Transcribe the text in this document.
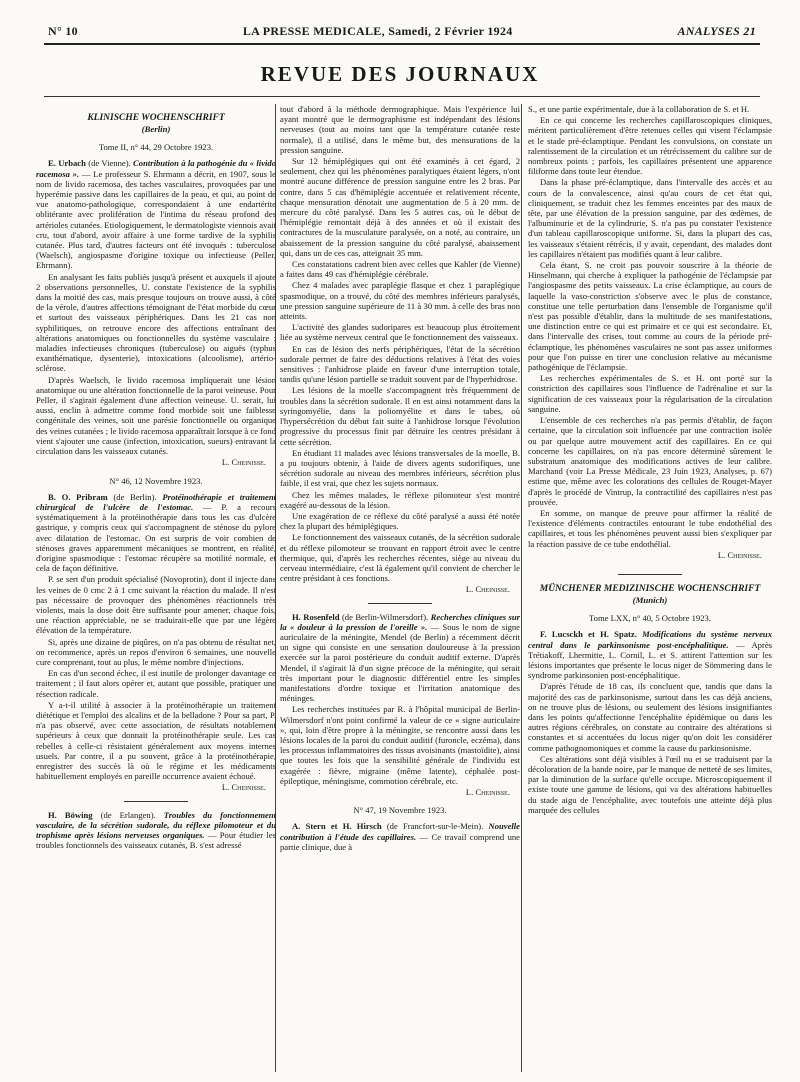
N° 10	LA PRESSE MEDICALE, Samedi, 2 Février 1924	ANALYSES 21
REVUE DES JOURNAUX
KLINISCHE WOCHENSCHRIFT
(Berlin)
Tome II, n° 44, 29 Octobre 1923.

E. Urbach (de Vienne). Contribution à la pathogénie du « livido racemosa ». — Le professeur S. Ehrmann a décrit, en 1907, sous le nom de livido racemosa, des taches vasculaires, provoquées par une hyperémie passive dans les capillaires de la peau, et qui, au point de vue anatomo-pathologique, correspondaient à une endartérite oblitérante avec prolifération de l'intima du réseau profond des artérioles cutanées. Etiologiquement, le dermatologiste viennois avait cru, tout d'abord, avoir affaire à une forme tardive de la syphilis cutanée. Plus tard, d'autres facteurs ont été invoqués : tuberculose (Waelsch), angiospasme d'origine toxique ou infectieuse (Peller, Ehrmann).

En analysant les faits publiés jusqu'à présent et auxquels il ajoute 2 observations personnelles, U. constate l'existence de la syphilis dans la moitié des cas, mais presque toujours on trouve aussi, à côté de la vérole, d'autres affections témoignant de l'état morbide du cœur et surtout des vaisseaux périphériques. Dans les 21 cas non syphilitiques, on retrouve encore des affections entraînant des altérations anatomiques ou fonctionnelles du système vasculaire : maladies infectieuses chroniques (tuberculose) ou aiguës (typhus exanthématique, dysenterie), intoxications (alcoolisme), artério-sclérose.

D'après Waelsch, le livido racemosa impliquerait une lésion anatomique ou une altération fonctionnelle de la paroi veineuse. Pour Peller, il s'agirait également d'une affection veineuse. U. serait, lui aussi, enclin à admettre comme fond morbide soit une faiblesse congénitale des veines, soit une parésie fonctionnelle ou organique des veines cutanées ; le livido racemosa apparaîtrait lorsque à ce fond vient s'ajouter une cause (infection, intoxication, sueurs) entravant la circulation dans les vaisseaux cutanés.

L. Cheinisse.
N° 46, 12 Novembre 1923.

B. O. Pribram (de Berlin). Protéinothérapie et traitement chirurgical de l'ulcère de l'estomac. — P. a recours systématiquement à la protéinothérapie dans tous les cas d'ulcère gastrique, y compris ceux qui s'accompagnent de sténose du pylore avec dilatation de l'estomac. On est surpris de voir combien de sténoses graves apparemment mécaniques se montrent, en réalité, d'origine spasmodique : l'estomac récupère sa motilité normale, et cela de façon définitive.

P. se sert d'un produit spécialisé (Novoprotin), dont il injecte dans les veines de 0 cmc 2 à 1 cmc suivant la réaction du malade. Il n'est pas nécessaire de provoquer des phénomènes réactionnels très violents, mais la dose doit être suffisante pour amener, chaque fois, une réaction appréciable, ne se traduirait-elle que par une légère élévation de la température.

Si, après une dizaine de piqûres, on n'a pas obtenu de résultat net, on recommence, après un repos d'environ 6 semaines, une nouvelle cure comprenant, tout au plus, le même nombre d'injections.

En cas d'un second échec, il est inutile de prolonger davantage ce traitement ; il faut alors opérer et, autant que possible, pratiquer une résection radicale.

Y a-t-il utilité à associer à la protéinothérapie un traitement diététique et l'emploi des alcalins et de la belladone ? Pour sa part, P. n'a pas observé, avec cette association, de résultats notablement supérieurs à ceux que donnait la protéinothérapie seule. Les cas rebelles à celle-ci résistaient généralement aux moyens internes usuels. Par contre, il a pu souvent, grâce à la protéinothérapie, enregistrer des succès là où le régime et les médicaments habituellement employés en pareille occurrence avaient échoué.

L. Cheinisse.

H. Böwing (de Erlangen). Troubles du fonctionnement vasculaire, de la sécrétion sudorale, du réflexe pilomoteur et du trophisme après lésions nerveuses organiques. — Pour étudier les troubles fonctionnels des vaisseaux cutanés, B. s'est adressé

tout d'abord à la méthode dermographique. Mais l'expérience lui ayant montré que le dermographisme est indépendant des lésions nerveuses (tout au moins tant que la température cutanée reste normale), il a utilisé, dans le même but, des mensurations de la pression sanguine.

Sur 12 hémiplégiques qui ont été examinés à cet égard, 2 seulement, chez qui les phénomènes paralytiques étaient légers, n'ont montré aucune différence de pression sanguine entre les 2 bras. Par contre, dans 5 cas d'hémiplégie accentuée et relativement récente, chaque mensuration dénotait une augmentation de 5 à 20 mm. de mercure du côté paralysé. Dans les 5 autres cas, où le début de l'hémiplégie remontait déjà à des années et où il existait des contractures de la musculature paralysée, on a noté, au contraire, un abaissement de la pression sanguine du côté paralysé, abaissement qui, dans un de ces cas, atteignait 35 mm.

Ces constatations cadrent bien avec celles que Kahler (de Vienne) a faites dans 49 cas d'hémiplégie cérébrale.

Chez 4 malades avec paraplégie flasque et chez 1 paraplégique spasmodique, on a trouvé, du côté des membres inférieurs paralysés, une pression sanguine supérieure de 11 à 30 mm. à celle des bras non atteints.

L'activité des glandes sudoripares est beaucoup plus étroitement liée au système nerveux central que le fonctionnement des vaisseaux.

En cas de lésion des nerfs périphériques, l'état de la sécrétion sudorale permet de faire des déductions relatives à l'état des voies sensitives : l'anhidrose plaide en faveur d'une interruption totale, tandis qu'une lésion partielle se traduit souvent par de l'hyperhidrose.

Les lésions de la moelle s'accompagnent très fréquemment de troubles dans la sécrétion sudorale. Il en est ainsi notamment dans la syringomyélie, dans la poliomyélite et dans le tabes, où l'hypersécrétion du début fait suite à l'anhidrose lorsque l'évolution progressive du processus finit par détruire les centres présidant à cette sécrétion.

En étudiant 11 malades avec lésions transversales de la moelle, B. a pu toujours obtenir, à l'aide de divers agents sudorifiques, une sécrétion sudorale au niveau des membres inférieurs, sécrétion plus faible, il est vrai, que chez les sujets normaux.

Chez les mêmes malades, le réflexe pilomoteur s'est montré exagéré au-dessous de la lésion.

Une exagération de ce réflexe du côté paralysé a aussi été notée chez la plupart des hémiplégiques.

Le fonctionnement des vaisseaux cutanés, de la sécrétion sudorale et du réflexe pilomoteur se trouvant en rapport étroit avec le centre thermique, qui, d'après les recherches récentes, siège au niveau du cerveau intermédiaire, c'est là également qu'il convient de chercher le centre présidant à ces fonctions.

L. Cheinisse.

H. Rosenfeld (de Berlin-Wilmersdorf). Recherches cliniques sur la « douleur à la pression de l'oreille ». — Sous le nom de signe auriculaire de la méningite, Mendel (de Berlin) a récemment décrit un signe qui consiste en une sensation douloureuse à la pression exercée sur la paroi postérieure du conduit auditif externe. D'après Mendel, il s'agirait là d'un signe précoce de la méningite, qui serait très important pour le diagnostic différentiel entre les simples manifestations d'ordre toxique et l'irritation anatomique des méninges.

Les recherches instituées par R. à l'hôpital municipal de Berlin-Wilmersdorf n'ont point confirmé la valeur de ce « signe auriculaire », qui, loin d'être propre à la méningite, se rencontre aussi dans les lésions locales de la paroi du conduit auditif (furoncle, eczéma), dans les processus inflammatoires des tissus avoisinants (mastoïdite), ainsi que toutes les fois que la sensibilité générale de l'individu est exagérée : fièvre, migraine (même latente), céphalée post-épileptique, méningisme, commotion cérébrale, etc.

L. Cheinisse.
N° 47, 19 Novembre 1923.

A. Stern et H. Hirsch (de Francfort-sur-le-Mein). Nouvelle contribution à l'étude des capillaires. — Ce travail comprend une partie clinique, due à

S., et une partie expérimentale, due à la collaboration de S. et H.

En ce qui concerne les recherches capillaroscopiques cliniques, méritent particulièrement d'être retenues celles qui visent l'éclampsie et le stade pré-éclamptique. Pendant les convulsions, on constate un ralentissement de la circulation et un rétrécissement du calibre sur de nombreux points ; parfois, les capillaires présentent une apparence filiforme dans toute leur étendue.

Dans la phase pré-éclamptique, dans l'intervalle des accès et au cours de la convalescence, ainsi qu'au cours de cet état qui, cliniquement, se traduit chez les femmes enceintes par des maux de tête, par une élévation de la pression sanguine, par des œdèmes, de l'albuminurie et de la cylindrurie, S. n'a pas pu constater l'existence d'un tableau capillaroscopique uniforme. Si, dans la plupart des cas, les vaisseaux s'étaient rétrécis, il y avait, cependant, des malades dont les capillaires n'étaient pas modifiés quant à leur calibre.

Cela étant, S. ne croit pas pouvoir souscrire à la théorie de Hinselmann, qui cherche à expliquer la pathogénie de l'éclampsie par l'angiospasme des petits vaisseaux. La crise éclamptique, au cours de laquelle la vaso-constriction s'observe avec le plus de constance, constitue une telle perturbation dans l'ensemble de l'organisme qu'il n'est pas possible d'établir, dans la multitude de ses manifestations, une distinction entre ce qui est primaire et ce qui est secondaire. Et, dans l'intervalle des crises, tout comme au cours de la période pré-éclamptique, les phénomènes vasculaires ne sont pas assez uniformes pour que l'on puisse en tirer une conclusion relative au mécanisme pathogénique de l'éclampsie.

Les recherches expérimentales de S. et H. ont porté sur la constriction des capillaires sous l'influence de l'adrénaline et sur la signification de ces vaisseaux pour la régularisation de la circulation sanguine.

L'ensemble de ces recherches n'a pas permis d'établir, de façon certaine, que la circulation soit influencée par une contraction isolée ou par quelque autre mouvement actif des capillaires. En ce qui concerne les capillaires, on n'a pas encore déterminé sûrement le substratum anatomique des modifications actives de leur calibre. Marchand (voir La Presse Médicale, 23 Juin 1923, Analyses, p. 67) estime que, même avec les colorations des cellules de Rouget-Mayer d'après le procédé de Vintrup, la contractilité des capillaires n'est pas prouvée.

En somme, on manque de preuve pour affirmer la réalité de l'existence d'éléments contractiles entourant le tube endothélial des capillaires, et tous les phénomènes peuvent aussi bien s'expliquer par la réaction passive de ce tube endothélial.

L. Cheinisse.
MÜNCHENER MEDIZINISCHE WOCHENSCHRIFT
(Munich)
Tome LXX, n° 40, 5 Octobre 1923.

F. Lucsckh et H. Spatz. Modifications du système nerveux central dans le parkinsonisme post-encéphalitique. — Après Trétiakoff, Lhermitte, L. Cornil, L. et S. attirent l'attention sur les lésions importantes que présente le locus niger de Sömmering dans le syndrome parkinsonien post-encéphalitique.

D'après l'étude de 18 cas, ils concluent que, tandis que dans la majorité des cas de parkinsonisme, surtout dans les cas déjà anciens, on ne trouve plus de lésions, ou seulement des lésions insignifiantes dans les points qu'affectionne l'encéphalite épidémique ou dans les autres régions cérébrales, on constate au contraire des altérations si constantes et si accentuées du locus niger qu'on doit les considérer comme pathognomoniques et comme la cause du parkinsonisme.

Ces altérations sont déjà visibles à l'œil nu et se traduisent par la décoloration de la bande noire, par le manque de netteté de ses limites, par la diminution de la surface qu'elle occupe. Microscopiquement il existe toute une gamme de lésions, qui va des altérations habituelles du stade aigu de l'encéphalite, avec toutefois une atteinte déjà plus marquée des cellules
